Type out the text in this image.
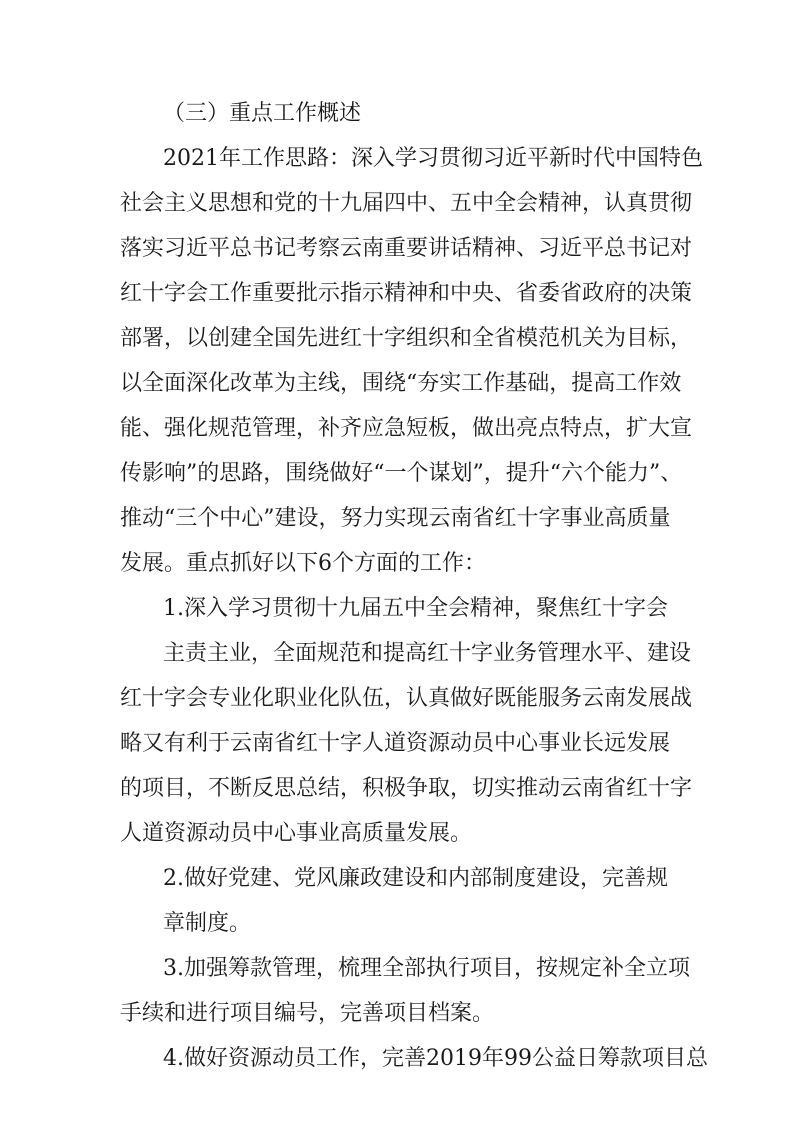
（三）重点工作概述
2021年工作思路：深入学习贯彻习近平新时代中国特色
社会主义思想和党的十九届四中、五中全会精神，认真贯彻
落实习近平总书记考察云南重要讲话精神、习近平总书记对
红十字会工作重要批示指示精神和中央、省委省政府的决策
部署，以创建全国先进红十字组织和全省模范机关为目标，
以全面深化改革为主线，围绕“夯实工作基础，提高工作效
能、强化规范管理，补齐应急短板，做出亮点特点，扩大宣
传影响”的思路，围绕做好“一个谋划”，提升“六个能力”、
推动“三个中心”建设，努力实现云南省红十字事业高质量
发展。重点抓好以下6个方面的工作：
1.深入学习贯彻十九届五中全会精神，聚焦红十字会
主责主业，全面规范和提高红十字业务管理水平、建设
红十字会专业化职业化队伍，认真做好既能服务云南发展战
略又有利于云南省红十字人道资源动员中心事业长远发展
的项目，不断反思总结，积极争取，切实推动云南省红十字
人道资源动员中心事业高质量发展。
2.做好党建、党风廉政建设和内部制度建设，完善规
章制度。
3.加强筹款管理，梳理全部执行项目，按规定补全立项
手续和进行项目编号，完善项目档案。
4.做好资源动员工作，完善2019年99公益日筹款项目总
